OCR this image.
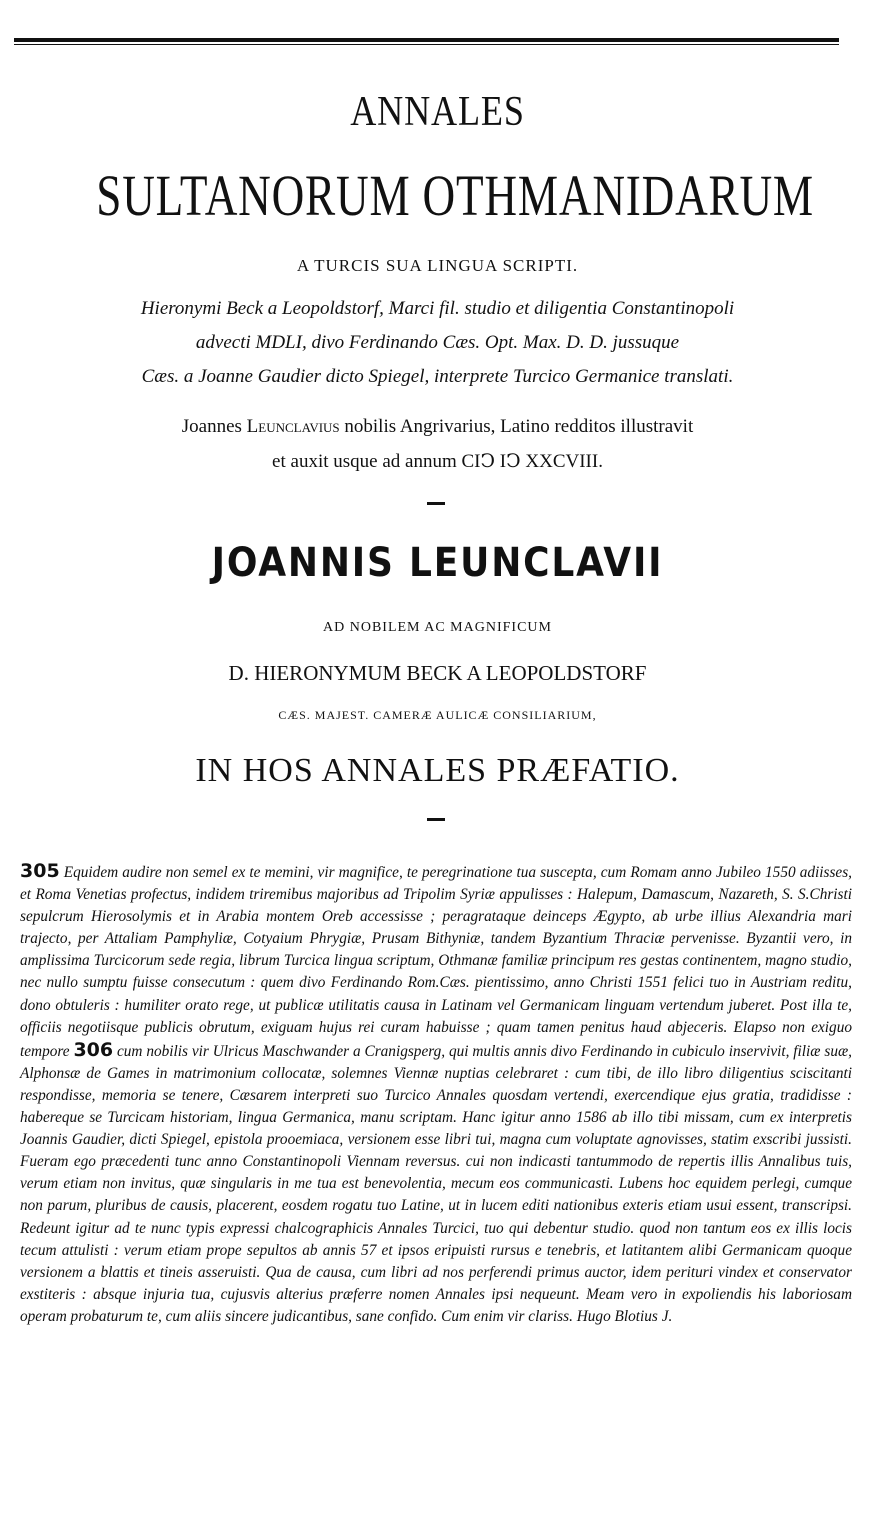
ANNALES
SULTANORUM OTHMANIDARUM
A TURCIS SUA LINGUA SCRIPTI.
Hieronymi Beck a Leopoldstorf, Marci fil. studio et diligentia Constantinopoli
advecti MDLI, divo Ferdinando Cæs. Opt. Max. D. D. jussuque
Cæs. a Joanne Gaudier dicto Spiegel, interprete Turcico Germanice translati.
Joannes Leunclavius nobilis Angrivarius, Latino redditos illustravit
et auxit usque ad annum CIↃ IↃ XXCVIII.
JOANNIS LEUNCLAVII
AD NOBILEM AC MAGNIFICUM
D. HIERONYMUM BECK A LEOPOLDSTORF
CÆS. MAJEST. CAMERÆ AULICÆ CONSILIARIUM,
IN HOS ANNALES PRÆFATIO.
305 Equidem audire non semel ex te memini, vir magnifice, te peregrinatione tua suscepta, cum Romam anno Jubileo 1550 adiisses, et Roma Venetias profectus, indidem triremibus majoribus ad Tripolim Syriæ appulisses : Halepum, Damascum, Nazareth, S. S.Christi sepulcrum Hierosolymis et in Arabia montem Oreb accessisse ; peragrataque deinceps Ægypto, ab urbe illius Alexandria mari trajecto, per Attaliam Pamphyliæ, Cotyaium Phrygiæ, Prusam Bithyniæ, tandem Byzantium Thraciæ pervenisse. Byzantii vero, in amplissima Turcicorum sede regia, librum Turcica lingua scriptum, Othmanæ familiæ principum res gestas continentem, magno studio, nec nullo sumptu fuisse consecutum : quem divo Ferdinando Rom.Cæs. pientissimo, anno Christi 1551 felici tuo in Austriam reditu, dono obtuleris : humiliter orato rege, ut publicæ utilitatis causa in Latinam vel Germanicam linguam vertendum juberet. Post illa te, officiis negotiisque publicis obrutum, exiguam hujus rei curam habuisse ; quam tamen penitus haud abjeceris. Elapso non exiguo tempore 306 cum nobilis vir Ulricus Maschwander a Cranigsperg, qui multis annis divo Ferdinando in cubiculo inservivit, filiæ suæ, Alphonsæ de Games in matrimonium collocatæ, solemnes Viennæ nuptias celebraret : cum tibi, de illo libro diligentius sciscitanti respondisse, memoria se tenere, Cæsarem interpreti suo Turcico Annales quosdam vertendi, exercendique ejus gratia, tradidisse : habereque se Turcicam historiam, lingua Germanica, manu scriptam. Hanc igitur anno 1586 ab illo tibi missam, cum ex interpretis Joannis Gaudier, dicti Spiegel, epistola prooemiaca, versionem esse libri tui, magna cum voluptate agnovisses, statim exscribi jussisti. Fueram ego præcedenti tunc anno Constantinopoli Viennam reversus. cui non indicasti tantummodo de repertis illis Annalibus tuis, verum etiam non invitus, quæ singularis in me tua est benevolentia, mecum eos communicasti. Lubens hoc equidem perlegi, cumque non parum, pluribus de causis, placerent, eosdem rogatu tuo Latine, ut in lucem editi nationibus exteris etiam usui essent, transcripsi. Redeunt igitur ad te nunc typis expressi chalcographicis Annales Turcici, tuo qui debentur studio. quod non tantum eos ex illis locis tecum attulisti : verum etiam prope sepultos ab annis 57 et ipsos eripuisti rursus e tenebris, et latitantem alibi Germanicam quoque versionem a blattis et tineis asseruisti. Qua de causa, cum libri ad nos perferendi primus auctor, idem perituri vindex et conservator exstiteris : absque injuria tua, cujusvis alterius præferre nomen Annales ipsi nequeunt. Meam vero in expoliendis his laboriosam operam probaturum te, cum aliis sincere judicantibus, sane confido. Cum enim vir clariss. Hugo Blotius J.
